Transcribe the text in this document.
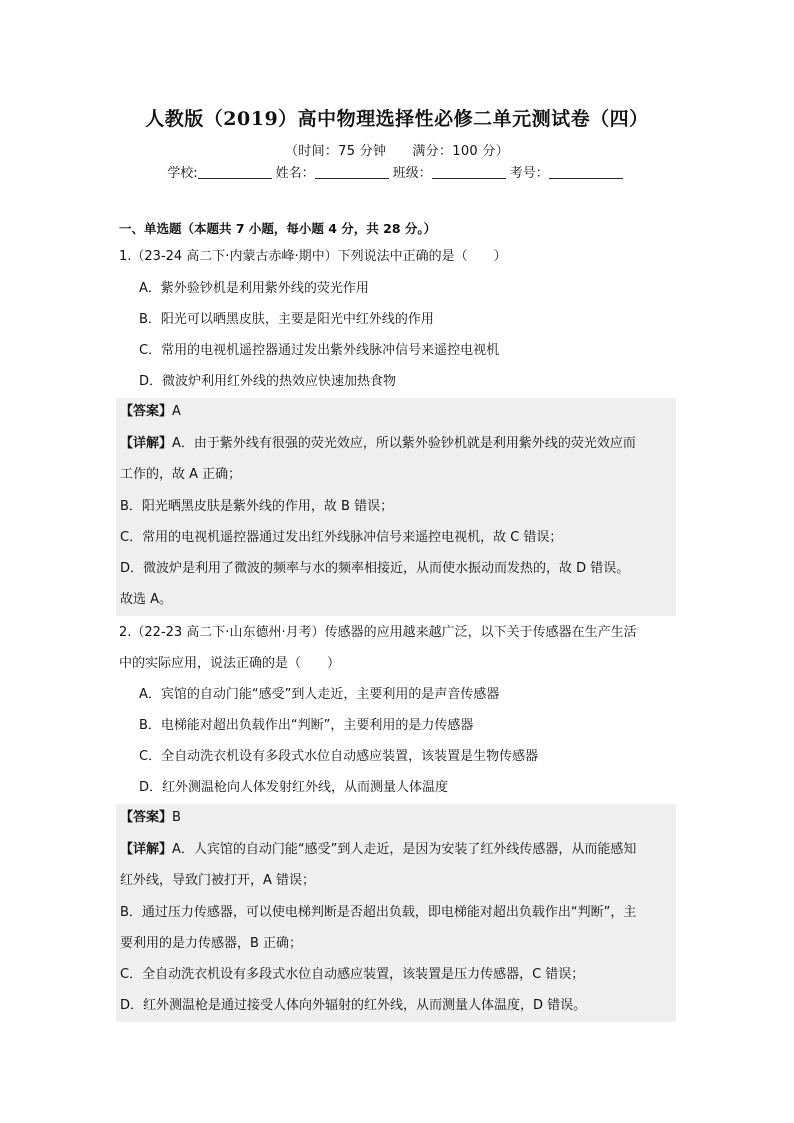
人教版（2019）高中物理选择性必修二单元测试卷（四）
（时间：75 分钟 满分：100 分）
学校:	姓名：	班级：	考号：
一、单选题（本题共 7 小题，每小题 4 分，共 28 分。）
1.（23-24 高二下·内蒙古赤峰·期中）下列说法中正确的是（　　）
A．紫外验钞机是利用紫外线的荧光作用
B．阳光可以晒黑皮肤，主要是阳光中红外线的作用
C．常用的电视机遥控器通过发出紫外线脉冲信号来遥控电视机
D．微波炉利用红外线的热效应快速加热食物
【答案】A
【详解】A．由于紫外线有很强的荧光效应，所以紫外验钞机就是利用紫外线的荧光效应而
工作的，故 A 正确；
B．阳光晒黑皮肤是紫外线的作用，故 B 错误；
C．常用的电视机遥控器通过发出红外线脉冲信号来遥控电视机，故 C 错误；
D．微波炉是利用了微波的频率与水的频率相接近，从而使水振动而发热的，故 D 错误。
故选 A。
2.（22-23 高二下·山东德州·月考）传感器的应用越来越广泛，以下关于传感器在生产生活
中的实际应用，说法正确的是（　　）
A．宾馆的自动门能“感受”到人走近，主要利用的是声音传感器
B．电梯能对超出负载作出“判断”，主要利用的是力传感器
C．全自动洗衣机设有多段式水位自动感应装置，该装置是生物传感器
D．红外测温枪向人体发射红外线，从而测量人体温度
【答案】B
【详解】A．人宾馆的自动门能“感受”到人走近，是因为安装了红外线传感器，从而能感知
红外线，导致门被打开，A 错误；
B．通过压力传感器，可以使电梯判断是否超出负载，即电梯能对超出负载作出“判断”，主
要利用的是力传感器，B 正确；
C．全自动洗衣机设有多段式水位自动感应装置，该装置是压力传感器，C 错误；
D．红外测温枪是通过接受人体向外辐射的红外线，从而测量人体温度，D 错误。
